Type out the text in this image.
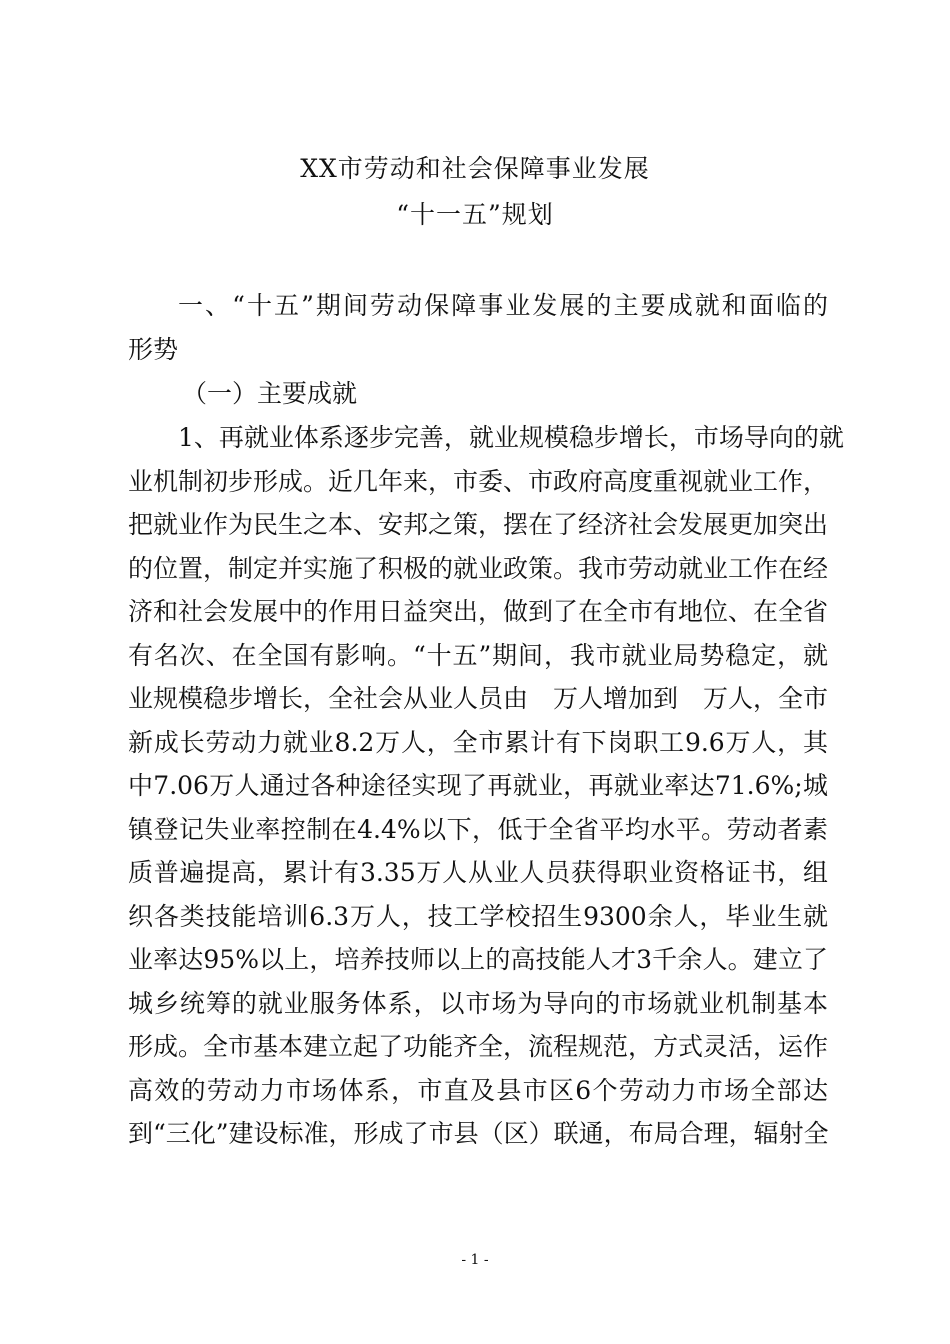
XX市劳动和社会保障事业发展
“十一五”规划
一、“十五”期间劳动保障事业发展的主要成就和面临的
形势
（一）主要成就
1、再就业体系逐步完善，就业规模稳步增长，市场导向的就
业机制初步形成。近几年来，市委、市政府高度重视就业工作，
把就业作为民生之本、安邦之策，摆在了经济社会发展更加突出
的位置，制定并实施了积极的就业政策。我市劳动就业工作在经
济和社会发展中的作用日益突出，做到了在全市有地位、在全省
有名次、在全国有影响。“十五”期间，我市就业局势稳定，就
业规模稳步增长，全社会从业人员由　万人增加到　万人，全市
新成长劳动力就业8.2万人，全市累计有下岗职工9.6万人，其
中7.06万人通过各种途径实现了再就业，再就业率达71.6%;城
镇登记失业率控制在4.4%以下，低于全省平均水平。劳动者素
质普遍提高，累计有3.35万人从业人员获得职业资格证书，组
织各类技能培训6.3万人，技工学校招生9300余人，毕业生就
业率达95%以上，培养技师以上的高技能人才3千余人。建立了
城乡统筹的就业服务体系，以市场为导向的市场就业机制基本
形成。全市基本建立起了功能齐全，流程规范，方式灵活，运作
高效的劳动力市场体系，市直及县市区6个劳动力市场全部达
到“三化”建设标准，形成了市县（区）联通，布局合理，辐射全
- 1 -
